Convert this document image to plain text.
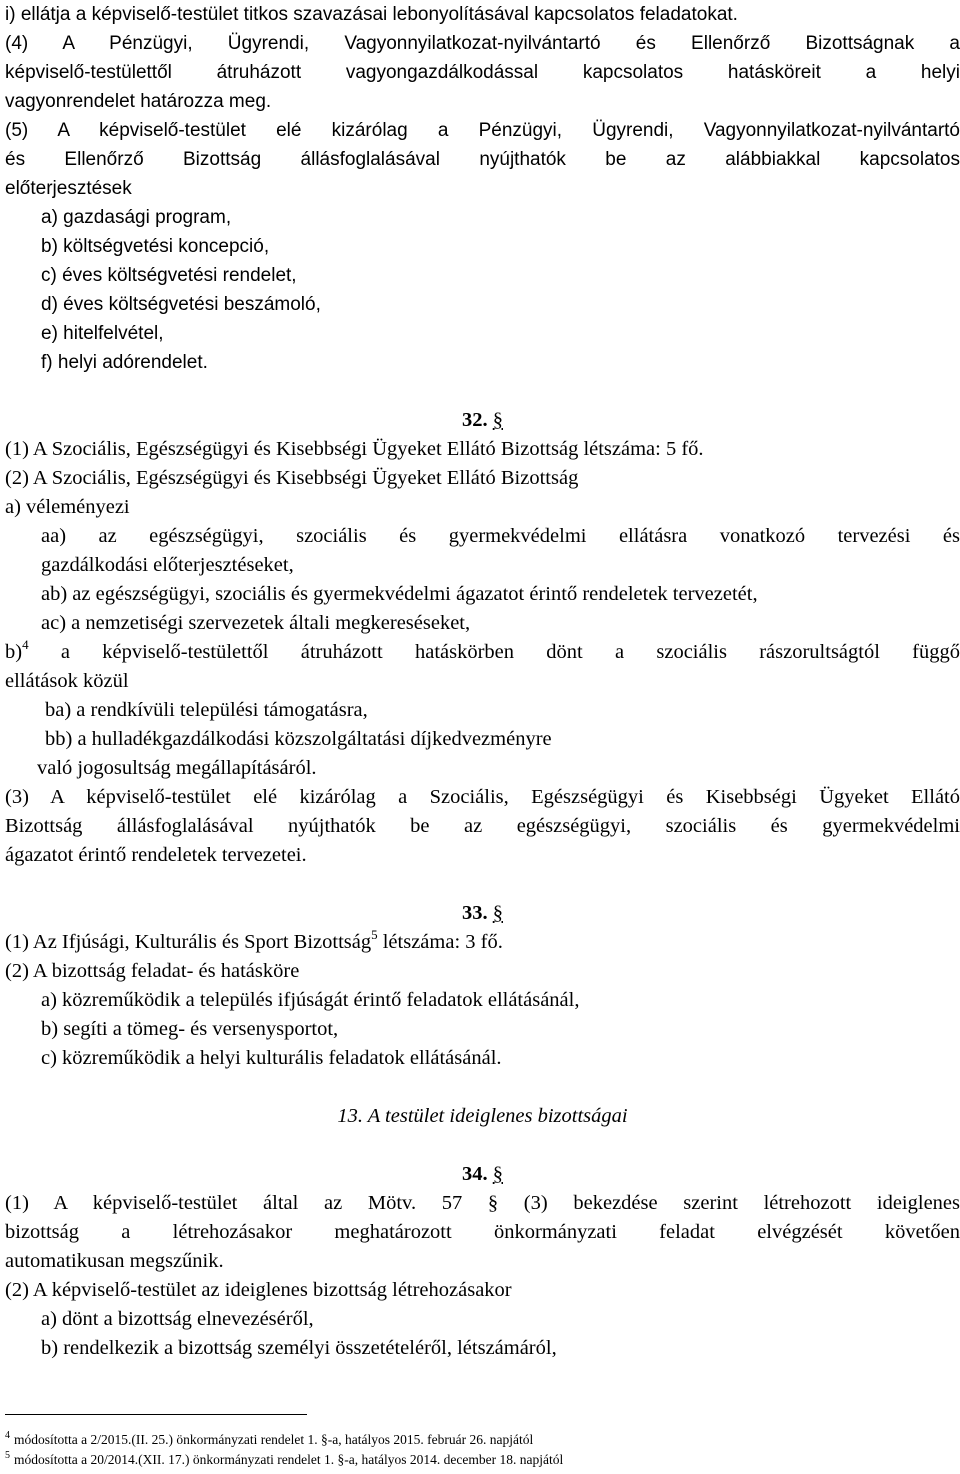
i) ellátja a képviselő-testület titkos szavazásai lebonyolításával kapcsolatos feladatokat.
(4) A Pénzügyi, Ügyrendi, Vagyonnyilatkozat-nyilvántartó és Ellenőrző Bizottságnak a
képviselő-testülettől átruházott vagyongazdálkodással kapcsolatos hatásköreit a helyi
vagyonrendelet határozza meg.
(5) A képviselő-testület elé kizárólag a Pénzügyi, Ügyrendi, Vagyonnyilatkozat-nyilvántartó
és Ellenőrző Bizottság állásfoglalásával nyújthatók be az alábbiakkal kapcsolatos
előterjesztések
a) gazdasági program,
b) költségvetési koncepció,
c) éves költségvetési rendelet,
d) éves költségvetési beszámoló,
e) hitelfelvétel,
f) helyi adórendelet.
32. §
(1) A Szociális, Egészségügyi és Kisebbségi Ügyeket Ellátó Bizottság létszáma: 5 fő.
(2) A Szociális, Egészségügyi és Kisebbségi Ügyeket Ellátó Bizottság
a) véleményezi
aa) az egészségügyi, szociális és gyermekvédelmi ellátásra vonatkozó tervezési és
gazdálkodási előterjesztéseket,
ab) az egészségügyi, szociális és gyermekvédelmi ágazatot érintő rendeletek tervezetét,
ac) a nemzetiségi szervezetek általi megkereséseket,
b)$^4$ a képviselő-testülettől átruházott hatáskörben dönt a szociális rászorultságtól függő
ellátások közül
ba) a rendkívüli települési támogatásra,
bb) a hulladékgazdálkodási közszolgáltatási díjkedvezményre
való jogosultság megállapításáról.
(3) A képviselő-testület elé kizárólag a Szociális, Egészségügyi és Kisebbségi Ügyeket Ellátó
Bizottság állásfoglalásával nyújthatók be az egészségügyi, szociális és gyermekvédelmi
ágazatot érintő rendeletek tervezetei.
33. §
(1) Az Ifjúsági, Kulturális és Sport Bizottság$^5$ létszáma: 3 fő.
(2) A bizottság feladat- és hatásköre
a) közreműködik a település ifjúságát érintő feladatok ellátásánál,
b) segíti a tömeg- és versenysportot,
c) közreműködik a helyi kulturális feladatok ellátásánál.
13. A testület ideiglenes bizottságai
34. §
(1) A képviselő-testület által az Mötv. 57 § (3) bekezdése szerint létrehozott ideiglenes
bizottság a létrehozásakor meghatározott önkormányzati feladat elvégzését követően
automatikusan megszűnik.
(2) A képviselő-testület az ideiglenes bizottság létrehozásakor
a) dönt a bizottság elnevezéséről,
b) rendelkezik a bizottság személyi összetételéről, létszámáról,
$^4$ módosította a 2/2015.(II. 25.) önkormányzati rendelet 1. §-a, hatályos 2015. február 26. napjától
$^5$ módosította a 20/2014.(XII. 17.) önkormányzati rendelet 1. §-a, hatályos 2014. december 18. napjától
